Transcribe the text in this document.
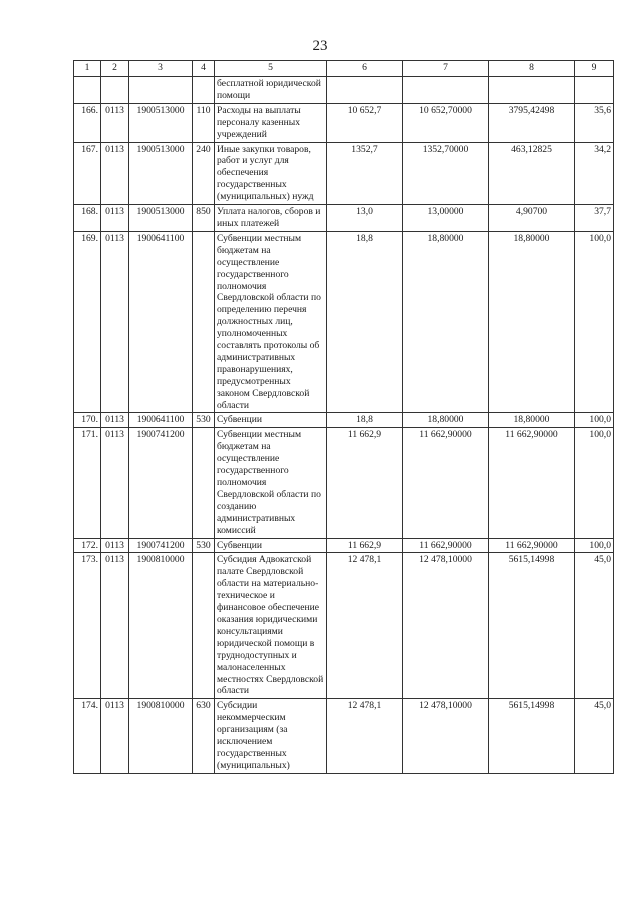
23
1	2	3	4	5	6	7	8	9
				бесплатной юридической помощи				
166.	0113	1900513000	110	Расходы на выплаты персоналу казенных учреждений	10 652,7	10 652,70000	3795,42498	35,6
167.	0113	1900513000	240	Иные закупки товаров, работ и услуг для обеспечения государственных (муниципальных) нужд	1352,7	1352,70000	463,12825	34,2
168.	0113	1900513000	850	Уплата налогов, сборов и иных платежей	13,0	13,00000	4,90700	37,7
169.	0113	1900641100		Субвенции местным бюджетам на осуществление государственного полномочия Свердловской области по определению перечня должностных лиц, уполномоченных составлять протоколы об административных правонарушениях, предусмотренных законом Свердловской области	18,8	18,80000	18,80000	100,0
170.	0113	1900641100	530	Субвенции	18,8	18,80000	18,80000	100,0
171.	0113	1900741200		Субвенции местным бюджетам на осуществление государственного полномочия Свердловской области по созданию административных комиссий	11 662,9	11 662,90000	11 662,90000	100,0
172.	0113	1900741200	530	Субвенции	11 662,9	11 662,90000	11 662,90000	100,0
173.	0113	1900810000		Субсидия Адвокатской палате Свердловской области на материально-техническое и финансовое обеспечение оказания юридическими консультациями юридической помощи в труднодоступных и малонаселенных местностях Свердловской области	12 478,1	12 478,10000	5615,14998	45,0
174.	0113	1900810000	630	Субсидии некоммерческим организациям (за исключением государственных (муниципальных)	12 478,1	12 478,10000	5615,14998	45,0
